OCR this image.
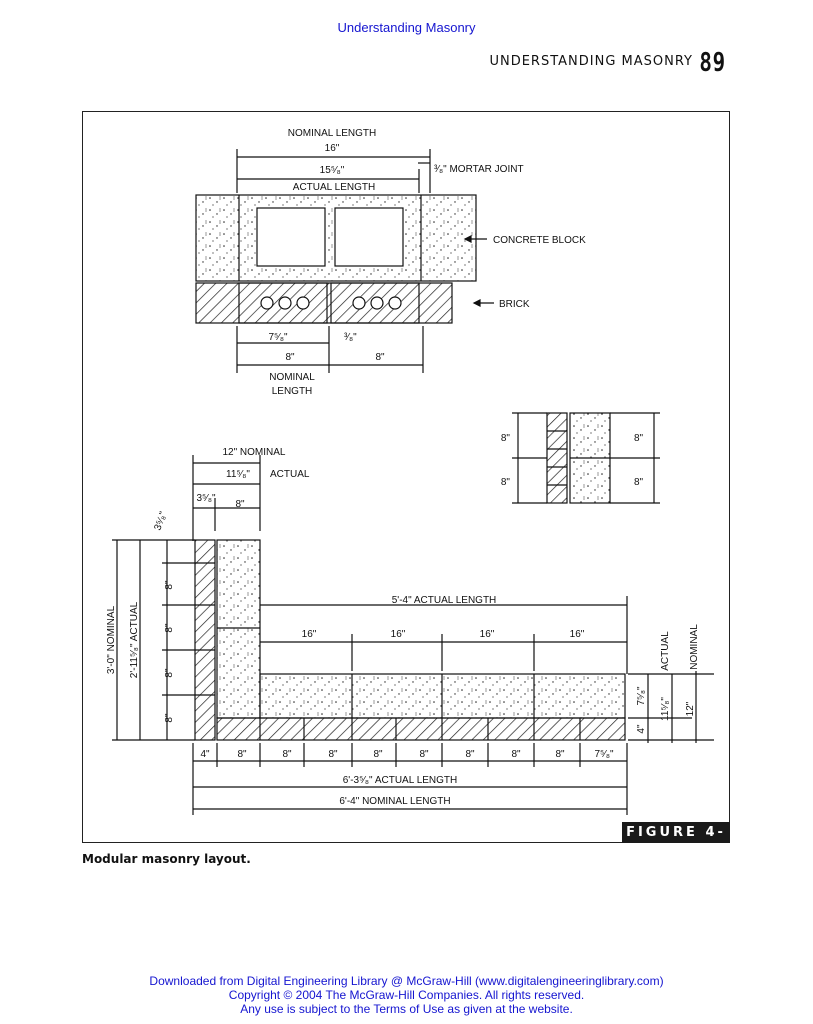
Understanding Masonry
UNDERSTANDING MASONRY 89
NOMINAL LENGTH
16"
15⁵⁄₈"	³⁄₈" MORTAR JOINT
ACTUAL LENGTH
CONCRETE BLOCK
BRICK
7⁵⁄₈"	³⁄₈"
8"	8"
NOMINAL
LENGTH
8"
8"
8"
8"
12" NOMINAL
11⁵⁄₈" ACTUAL
3⁵⁄₈"
8"
3⁵⁄₈"
3'-0" NOMINAL 2'-11⁵⁄₈" ACTUAL
8"
8"
8"
8"
5'-4" ACTUAL LENGTH
16"	16"	16"	16"
4"	8"	8"	8"	8"	8"	8"	8"	8"	7⁵⁄₈"
6'-3⁵⁄₈" ACTUAL LENGTH
6'-4" NOMINAL LENGTH
ACTUAL NOMINAL
7⁵⁄₈"
4"
11⁵⁄₈" 12"
FIGURE 4-3
Modular masonry layout.
Downloaded from Digital Engineering Library @ McGraw-Hill (www.digitalengineeringlibrary.com)
Copyright © 2004 The McGraw-Hill Companies. All rights reserved.
Any use is subject to the Terms of Use as given at the website.
